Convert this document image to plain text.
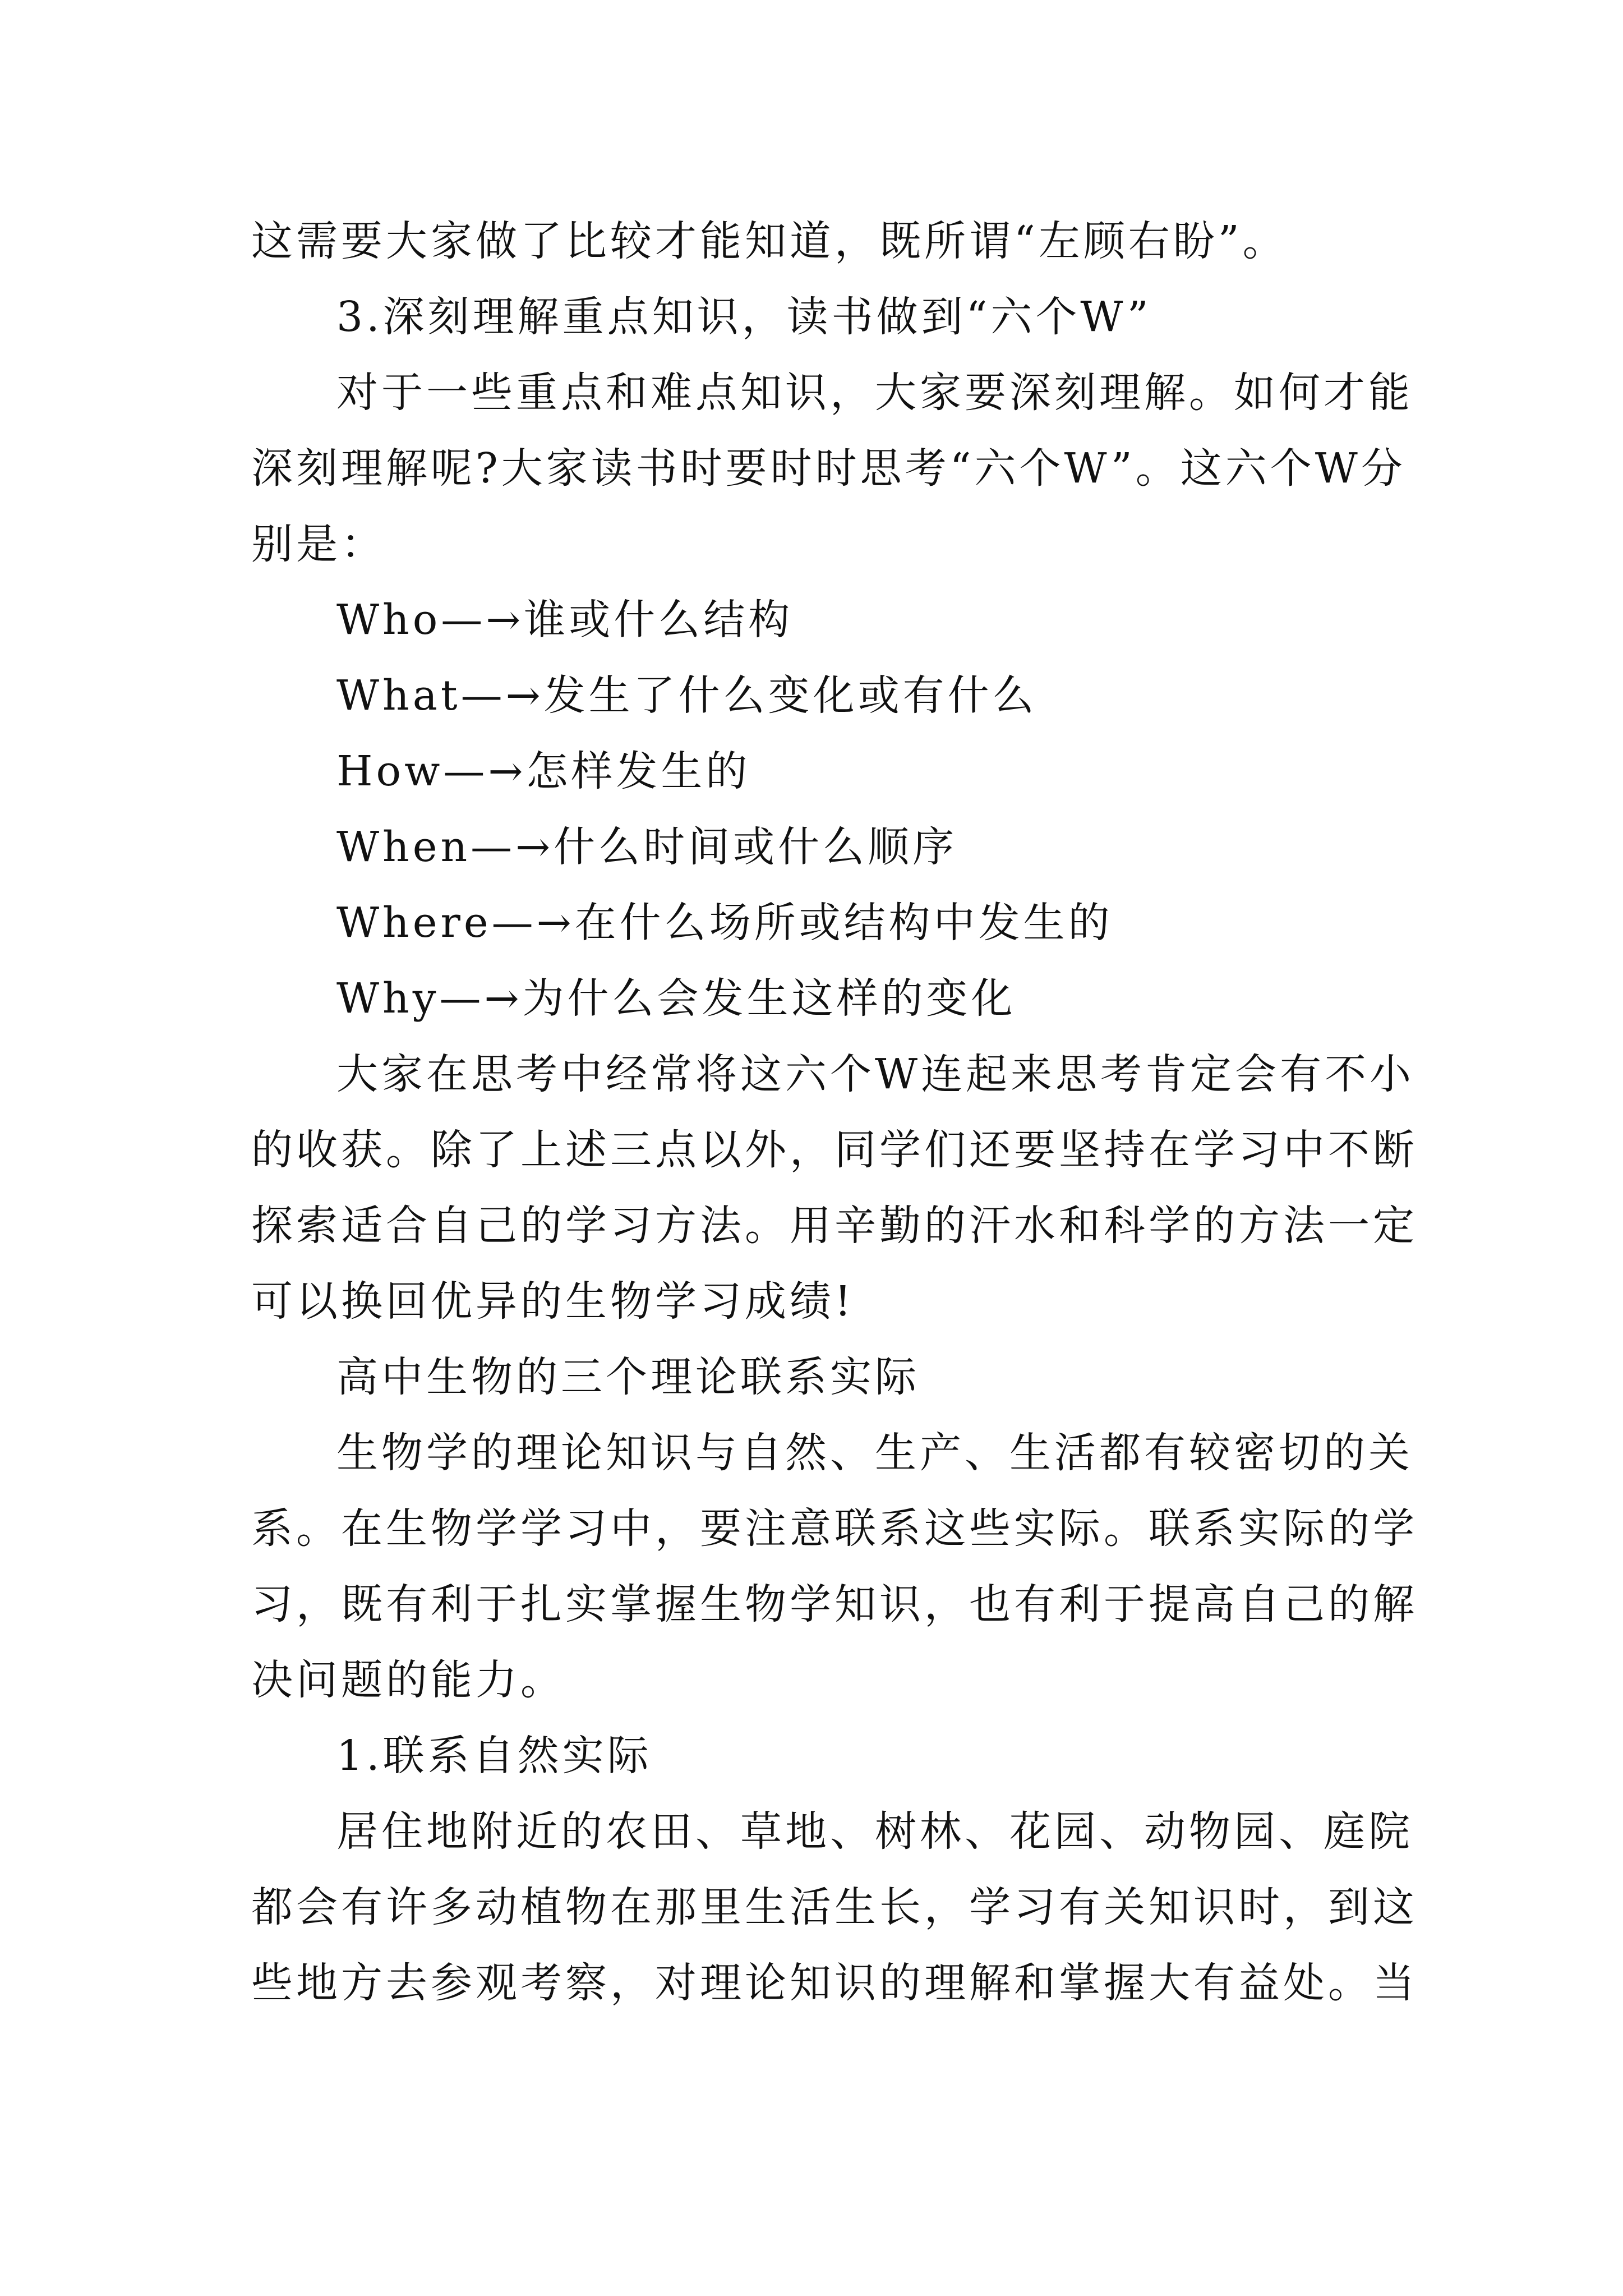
这需要大家做了比较才能知道，既所谓“左顾右盼”。
3.深刻理解重点知识，读书做到“六个W”
对于一些重点和难点知识，大家要深刻理解。如何才能
深刻理解呢?大家读书时要时时思考“六个W”。这六个W分
别是：
Who—→谁或什么结构
What—→发生了什么变化或有什么
How—→怎样发生的
When—→什么时间或什么顺序
Where—→在什么场所或结构中发生的
Why—→为什么会发生这样的变化
大家在思考中经常将这六个W连起来思考肯定会有不小
的收获。除了上述三点以外，同学们还要坚持在学习中不断
探索适合自己的学习方法。用辛勤的汗水和科学的方法一定
可以换回优异的生物学习成绩!
高中生物的三个理论联系实际
生物学的理论知识与自然、生产、生活都有较密切的关
系。在生物学学习中，要注意联系这些实际。联系实际的学
习，既有利于扎实掌握生物学知识，也有利于提高自己的解
决问题的能力。
1.联系自然实际
居住地附近的农田、草地、树林、花园、动物园、庭院
都会有许多动植物在那里生活生长，学习有关知识时，到这
些地方去参观考察，对理论知识的理解和掌握大有益处。当
